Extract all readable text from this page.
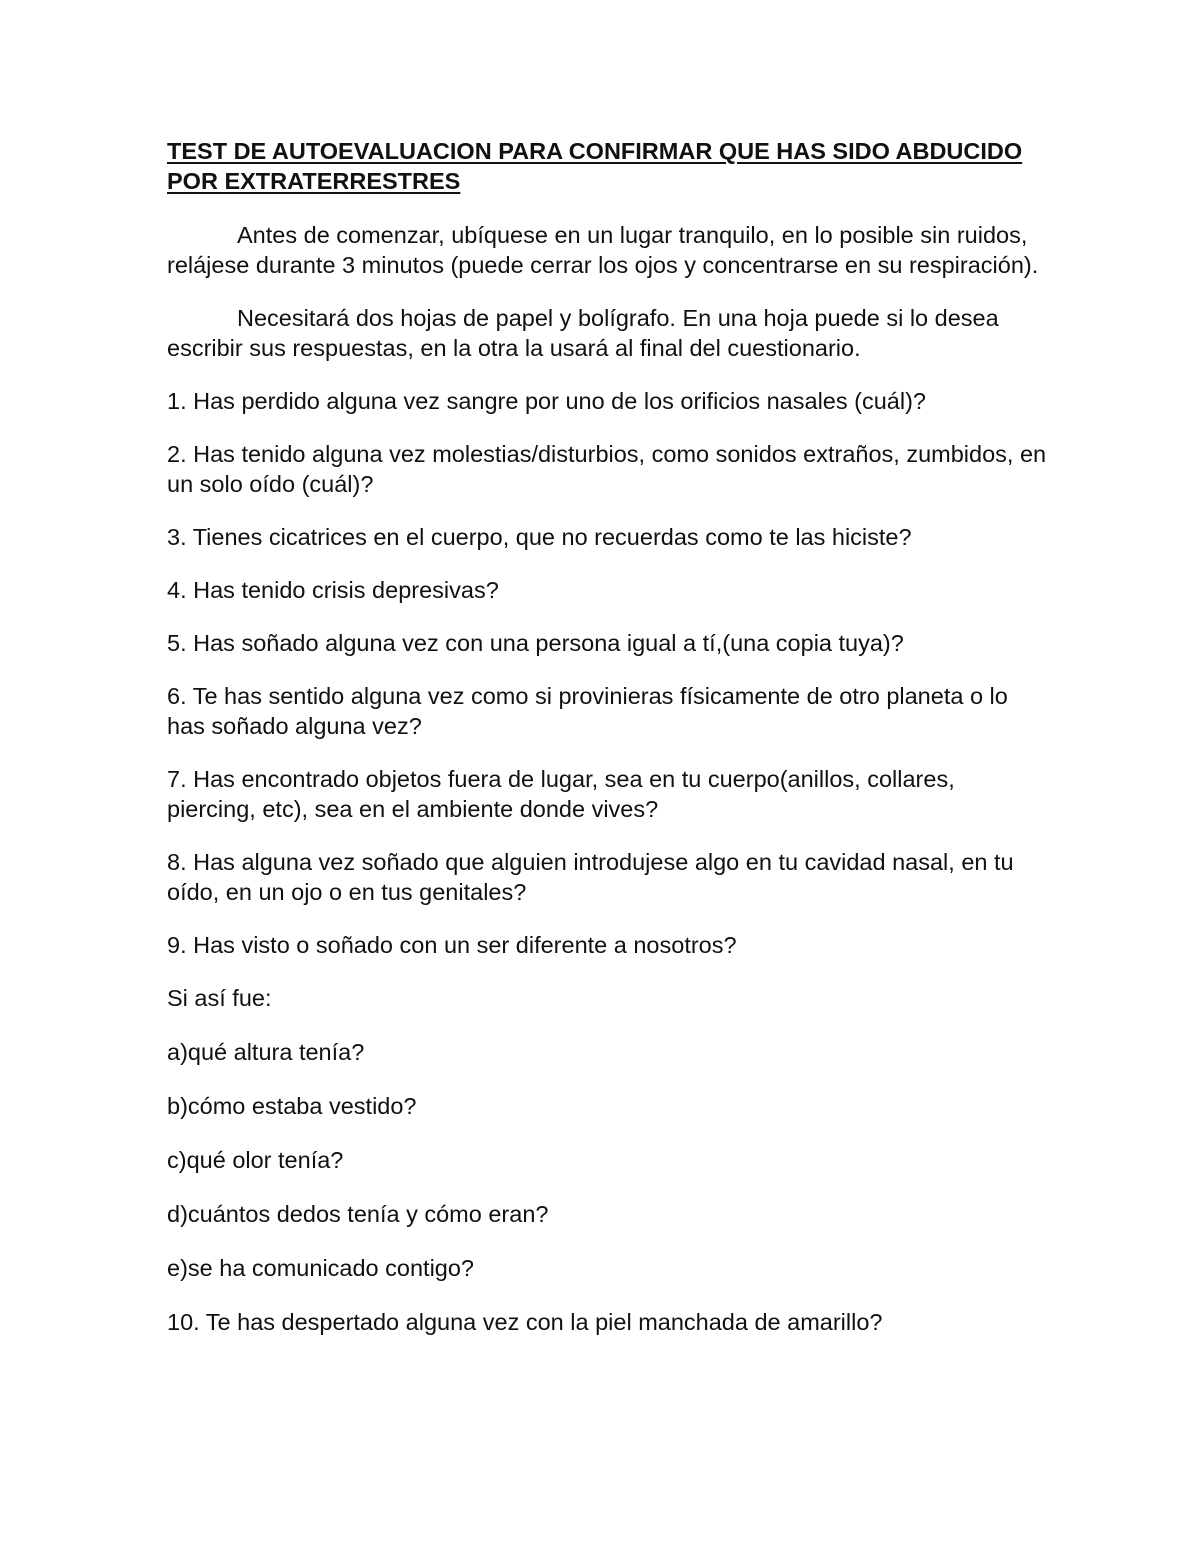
TEST DE AUTOEVALUACION PARA CONFIRMAR QUE HAS SIDO ABDUCIDO POR EXTRATERRESTRES

Antes de comenzar, ubíquese en un lugar tranquilo, en lo posible sin ruidos, relájese durante 3 minutos (puede cerrar los ojos y concentrarse en su respiración).

Necesitará dos hojas de papel y bolígrafo. En una hoja puede si lo desea escribir sus respuestas, en la otra la usará al final del cuestionario.

1. Has perdido alguna vez sangre por uno de los orificios nasales (cuál)?

2. Has tenido alguna vez molestias/disturbios, como sonidos extraños, zumbidos, en un solo oído (cuál)?

3. Tienes cicatrices en el cuerpo, que no recuerdas como te las hiciste?

4. Has tenido crisis depresivas?

5. Has soñado alguna vez con una persona igual a tí,(una copia tuya)?

6. Te has sentido alguna vez como si provinieras físicamente de otro planeta o lo has soñado alguna vez?

7. Has encontrado objetos fuera de lugar, sea en tu cuerpo(anillos, collares, piercing, etc), sea en el ambiente donde vives?

8. Has alguna vez soñado que alguien introdujese algo en tu cavidad nasal, en tu oído, en un ojo o en tus genitales?

9. Has visto o soñado con un ser diferente a nosotros?

Si así fue:

a)qué altura tenía?

b)cómo estaba vestido?

c)qué olor tenía?

d)cuántos dedos tenía y cómo eran?

e)se ha comunicado contigo?

10. Te has despertado alguna vez con la piel manchada de amarillo?
